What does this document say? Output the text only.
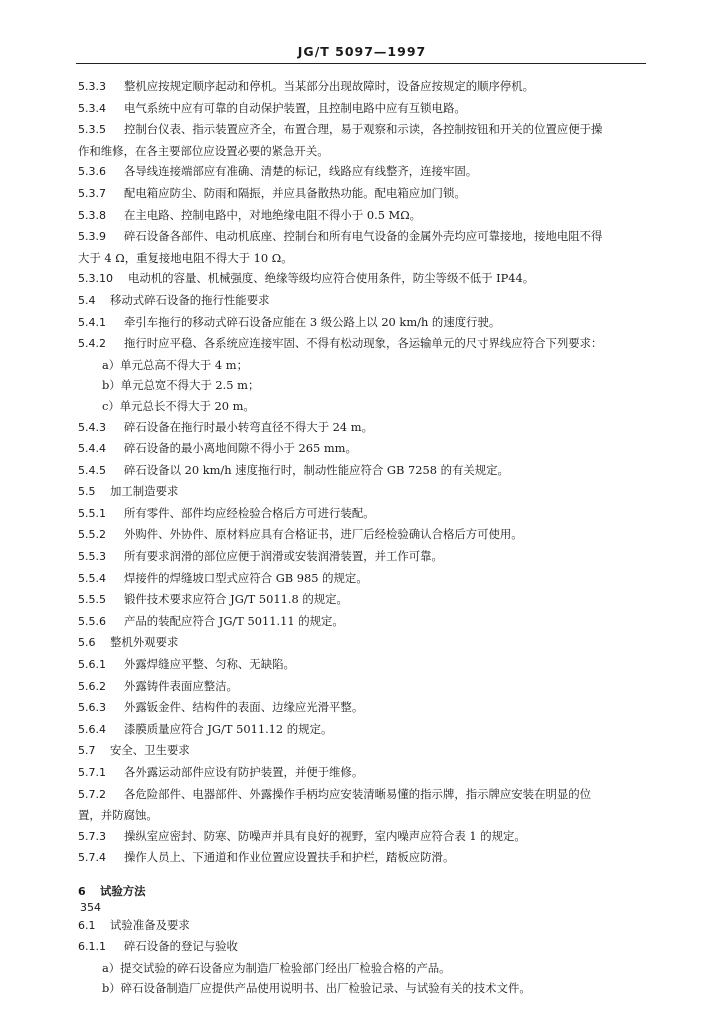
JG/T 5097—1997
5.3.3 整机应按规定顺序起动和停机。当某部分出现故障时，设备应按规定的顺序停机。
5.3.4 电气系统中应有可靠的自动保护装置，且控制电路中应有互锁电路。
5.3.5 控制台仪表、指示装置应齐全，布置合理，易于观察和示读，各控制按钮和开关的位置应便于操
作和维修，在各主要部位应设置必要的紧急开关。
5.3.6 各导线连接端部应有准确、清楚的标记，线路应有线整齐，连接牢固。
5.3.7 配电箱应防尘、防雨和隔振，并应具备散热功能。配电箱应加门锁。
5.3.8 在主电路、控制电路中，对地绝缘电阻不得小于 0.5 MΩ。
5.3.9 碎石设备各部件、电动机底座、控制台和所有电气设备的金属外壳均应可靠接地，接地电阻不得
大于 4 Ω，重复接地电阻不得大于 10 Ω。
5.3.10 电动机的容量、机械强度、绝缘等级均应符合使用条件，防尘等级不低于 IP44。
5.4 移动式碎石设备的拖行性能要求
5.4.1 牵引车拖行的移动式碎石设备应能在 3 级公路上以 20 km/h 的速度行驶。
5.4.2 拖行时应平稳、各系统应连接牢固、不得有松动现象，各运输单元的尺寸界线应符合下列要求：
a）单元总高不得大于 4 m；
b）单元总宽不得大于 2.5 m；
c）单元总长不得大于 20 m。
5.4.3 碎石设备在拖行时最小转弯直径不得大于 24 m。
5.4.4 碎石设备的最小离地间隙不得小于 265 mm。
5.4.5 碎石设备以 20 km/h 速度拖行时，制动性能应符合 GB 7258 的有关规定。
5.5 加工制造要求
5.5.1 所有零件、部件均应经检验合格后方可进行装配。
5.5.2 外购件、外协件、原材料应具有合格证书，进厂后经检验确认合格后方可使用。
5.5.3 所有要求润滑的部位应便于润滑或安装润滑装置，并工作可靠。
5.5.4 焊接件的焊缝坡口型式应符合 GB 985 的规定。
5.5.5 锻件技术要求应符合 JG/T 5011.8 的规定。
5.5.6 产品的装配应符合 JG/T 5011.11 的规定。
5.6 整机外观要求
5.6.1 外露焊缝应平整、匀称、无缺陷。
5.6.2 外露铸件表面应整洁。
5.6.3 外露钣金件、结构件的表面、边缘应光滑平整。
5.6.4 漆膜质量应符合 JG/T 5011.12 的规定。
5.7 安全、卫生要求
5.7.1 各外露运动部件应设有防护装置，并便于维修。
5.7.2 各危险部件、电器部件、外露操作手柄均应安装清晰易懂的指示牌，指示牌应安装在明显的位
置，并防腐蚀。
5.7.3 操纵室应密封、防寒、防噪声并具有良好的视野，室内噪声应符合表 1 的规定。
5.7.4 操作人员上、下通道和作业位置应设置扶手和护栏，踏板应防滑。
6 试验方法
6.1 试验准备及要求
6.1.1 碎石设备的登记与验收
a）提交试验的碎石设备应为制造厂检验部门经出厂检验合格的产品。
b）碎石设备制造厂应提供产品使用说明书、出厂检验记录、与试验有关的技术文件。
354
